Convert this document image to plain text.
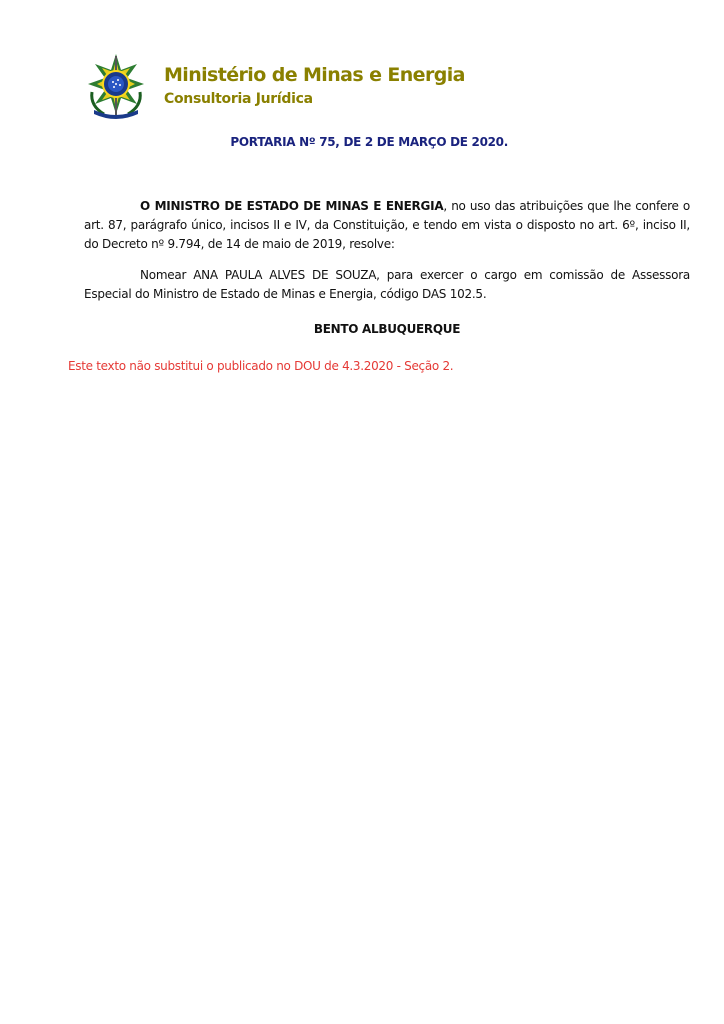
Ministério de Minas e Energia
Consultoria Jurídica
PORTARIA Nº 75, DE 2 DE MARÇO DE 2020.
O MINISTRO DE ESTADO DE MINAS E ENERGIA, no uso das atribuições que lhe confere o art. 87, parágrafo único, incisos II e IV, da Constituição, e tendo em vista o disposto no art. 6º, inciso II, do Decreto nº 9.794, de 14 de maio de 2019, resolve:
Nomear ANA PAULA ALVES DE SOUZA, para exercer o cargo em comissão de Assessora Especial do Ministro de Estado de Minas e Energia, código DAS 102.5.
BENTO ALBUQUERQUE
Este texto não substitui o publicado no DOU de 4.3.2020 - Seção 2.
